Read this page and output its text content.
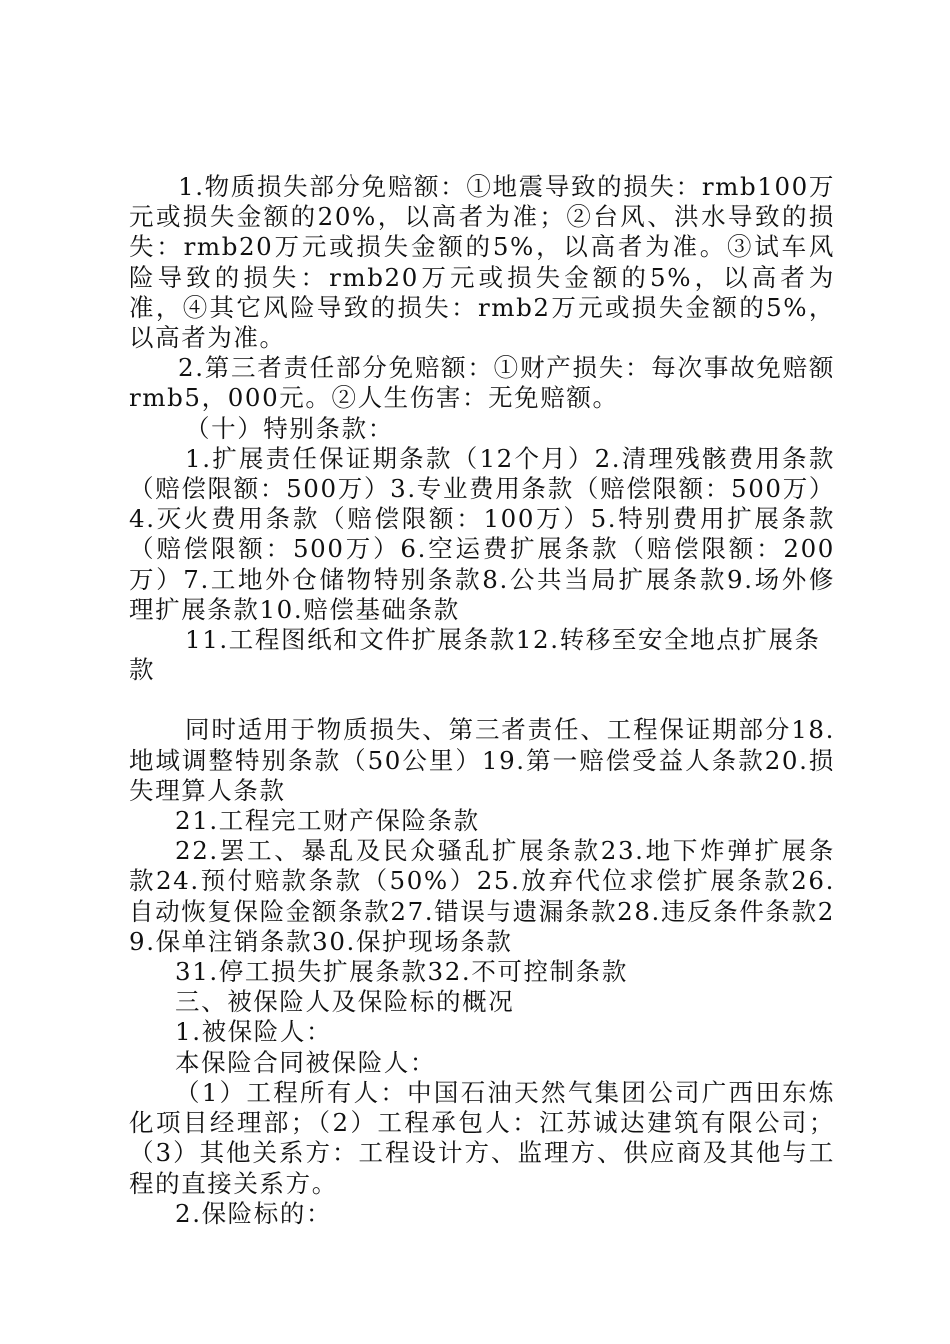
1.物质损失部分免赔额：①地震导致的损失：rmb100万元或损失金额的20%，以高者为准；②台风、洪水导致的损失：rmb20万元或损失金额的5%，以高者为准。③试车风险导致的损失：rmb20万元或损失金额的5%，以高者为准，④其它风险导致的损失：rmb2万元或损失金额的5%，以高者为准。

2.第三者责任部分免赔额：①财产损失：每次事故免赔额rmb5，000元。②人生伤害：无免赔额。

（十）特别条款：

1.扩展责任保证期条款（12个月）2.清理残骸费用条款（赔偿限额：500万）3.专业费用条款（赔偿限额：500万）4.灭火费用条款（赔偿限额：100万）5.特别费用扩展条款（赔偿限额：500万）6.空运费扩展条款（赔偿限额：200万）7.工地外仓储物特别条款8.公共当局扩展条款9.场外修理扩展条款10.赔偿基础条款

11.工程图纸和文件扩展条款12.转移至安全地点扩展条款

同时适用于物质损失、第三者责任、工程保证期部分18.地域调整特别条款（50公里）19.第一赔偿受益人条款20.损失理算人条款

21.工程完工财产保险条款

22.罢工、暴乱及民众骚乱扩展条款23.地下炸弹扩展条款24.预付赔款条款（50%）25.放弃代位求偿扩展条款26.自动恢复保险金额条款27.错误与遗漏条款28.违反条件条款29.保单注销条款30.保护现场条款

31.停工损失扩展条款32.不可控制条款

三、被保险人及保险标的概况

1.被保险人：

本保险合同被保险人：

（1）工程所有人：中国石油天然气集团公司广西田东炼化项目经理部；（2）工程承包人：江苏诚达建筑有限公司；（3）其他关系方：工程设计方、监理方、供应商及其他与工程的直接关系方。

2.保险标的：
